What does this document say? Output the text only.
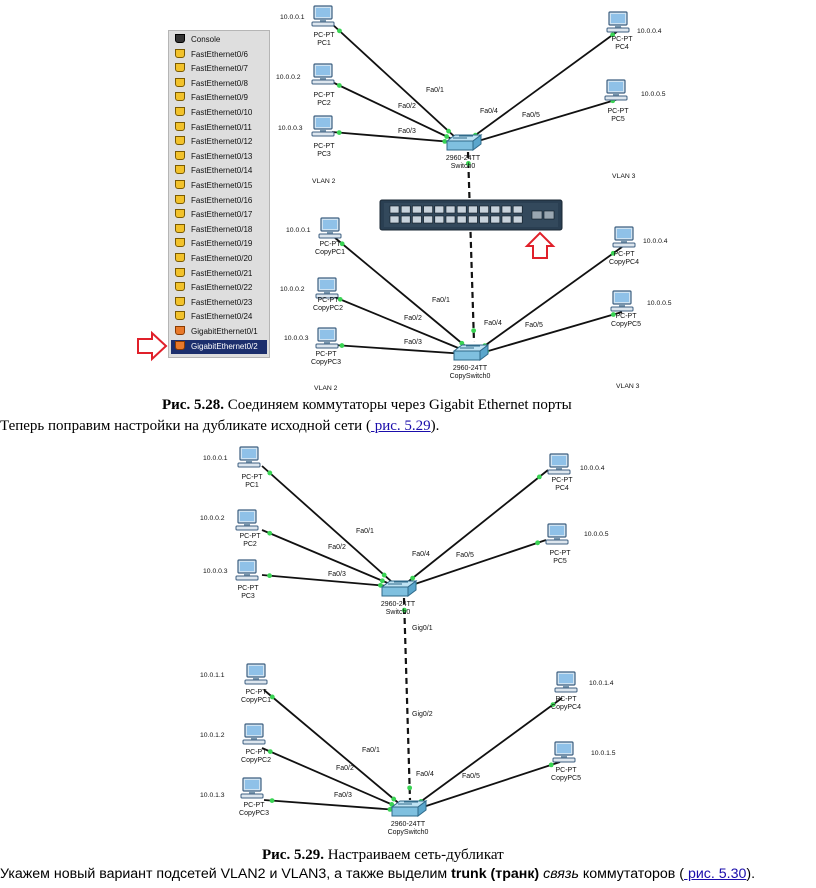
Console
FastEthernet0/6
FastEthernet0/7
FastEthernet0/8
FastEthernet0/9
FastEthernet0/10
FastEthernet0/11
FastEthernet0/12
FastEthernet0/13
FastEthernet0/14
FastEthernet0/15
FastEthernet0/16
FastEthernet0/17
FastEthernet0/18
FastEthernet0/19
FastEthernet0/20
FastEthernet0/21
FastEthernet0/22
FastEthernet0/23
FastEthernet0/24
GigabitEthernet0/1
GigabitEthernet0/2
Fa0/1
Fa0/2
Fa0/3
Fa0/4
Fa0/5
Fa0/1
Fa0/2
Fa0/3
Fa0/4	Fa0/5
10.0.0.1
PC-PT
PC1
10.0.0.2
PC-PT
PC2
10.0.0.3
PC-PT
PC3
10.0.0.4
PC-PT
PC4
10.0.0.5
PC-PT
PC5
10.0.0.1
PC-PT
CopyPC1
10.0.0.2
PC-PT
CopyPC2
10.0.0.3
PC-PT
CopyPC3
10.0.0.4
PC-PT
CopyPC4
10.0.0.5
PC-PT
CopyPC5
2960-24TT
Switch0
2960-24TT
CopySwitch0
VLAN 2
VLAN 3
VLAN 2	VLAN 3
Fa0/1
Fa0/2
Fa0/3
Fa0/4	Fa0/5
Fa0/1
Fa0/2
Fa0/3
Fa0/4	Fa0/5
Gig0/1
Gig0/2
10.0.0.1
PC-PT
PC1
10.0.0.2
PC-PT
PC2
10.0.0.3
PC-PT
PC3
10.0.0.4
PC-PT
PC4
10.0.0.5
PC-PT
PC5
10.0.1.1
PC-PT
CopyPC1
10.0.1.2
PC-PT
CopyPC2
10.0.1.3
PC-PT
CopyPC3
10.0.1.4
PC-PT
CopyPC4
10.0.1.5
PC-PT
CopyPC5
2960-24TT
Switch0
2960-24TT
CopySwitch0
Рис. 5.28. Соединяем коммутаторы через Gigabit Ethernet порты
Теперь поправим настройки на дубликате исходной сети ( рис. 5.29).
Рис. 5.29. Настраиваем сеть-дубликат
Укажем новый вариант подсетей VLAN2 и VLAN3, а также выделим trunk (транк) связь коммутаторов ( рис. 5.30).
